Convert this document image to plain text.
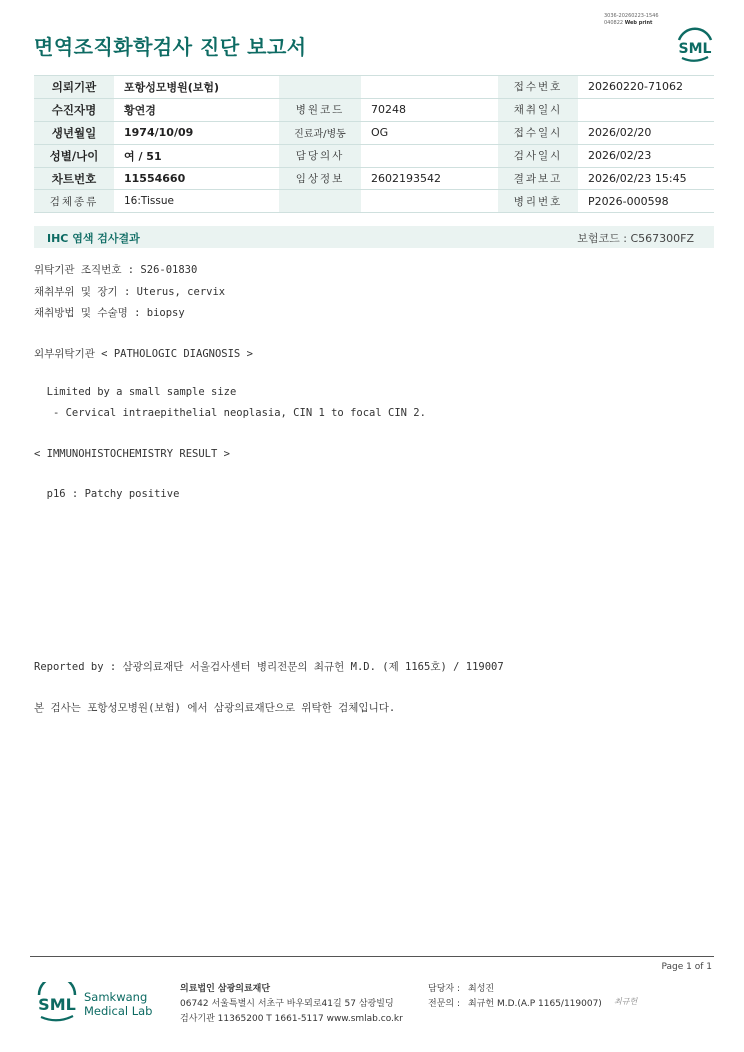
3036-20260223-1546
040822 Web print
면역조직화학검사 진단 보고서	SML
의뢰기관	포항성모병원(보험)			접수번호	20260220-71062
수진자명	황연경	병원코드	70248	채취일시	
생년월일	1974/10/09	진료과/병동	OG	접수일시	2026/02/20
성별/나이	여 / 51	담당의사		검사일시	2026/02/23
차트번호	11554660	임상정보	2602193542	결과보고	2026/02/23 15:45
검체종류	16:Tissue			병리번호	P2026-000598
IHC 염색 검사결과	보험코드 : C567300FZ
위탁기관 조직번호 : S26-01830
채취부위 및 장기 : Uterus, cervix
채취방법 및 수술명 : biopsy
외부위탁기관 < PATHOLOGIC DIAGNOSIS >
Limited by a small sample size
- Cervical intraepithelial neoplasia, CIN 1 to focal CIN 2.
< IMMUNOHISTOCHEMISTRY RESULT >
p16 : Patchy positive
Reported by : 삼광의료재단 서울검사센터 병리전문의 최규헌 M.D. (제 1165호) / 119007
본 검사는 포항성모병원(보험) 에서 삼광의료재단으로 위탁한 검체입니다.
Page 1 of 1
SML Samkwang
Medical Lab
의료법인 삼광의료재단
06742 서울특별시 서초구 바우뫼로41길 57 삼광빌딩
검사기관 11365200 T 1661-5117 www.smlab.co.kr
담당자 : 최성진
전문의 : 최규헌 M.D.(A.P 1165/119007) 최규헌
